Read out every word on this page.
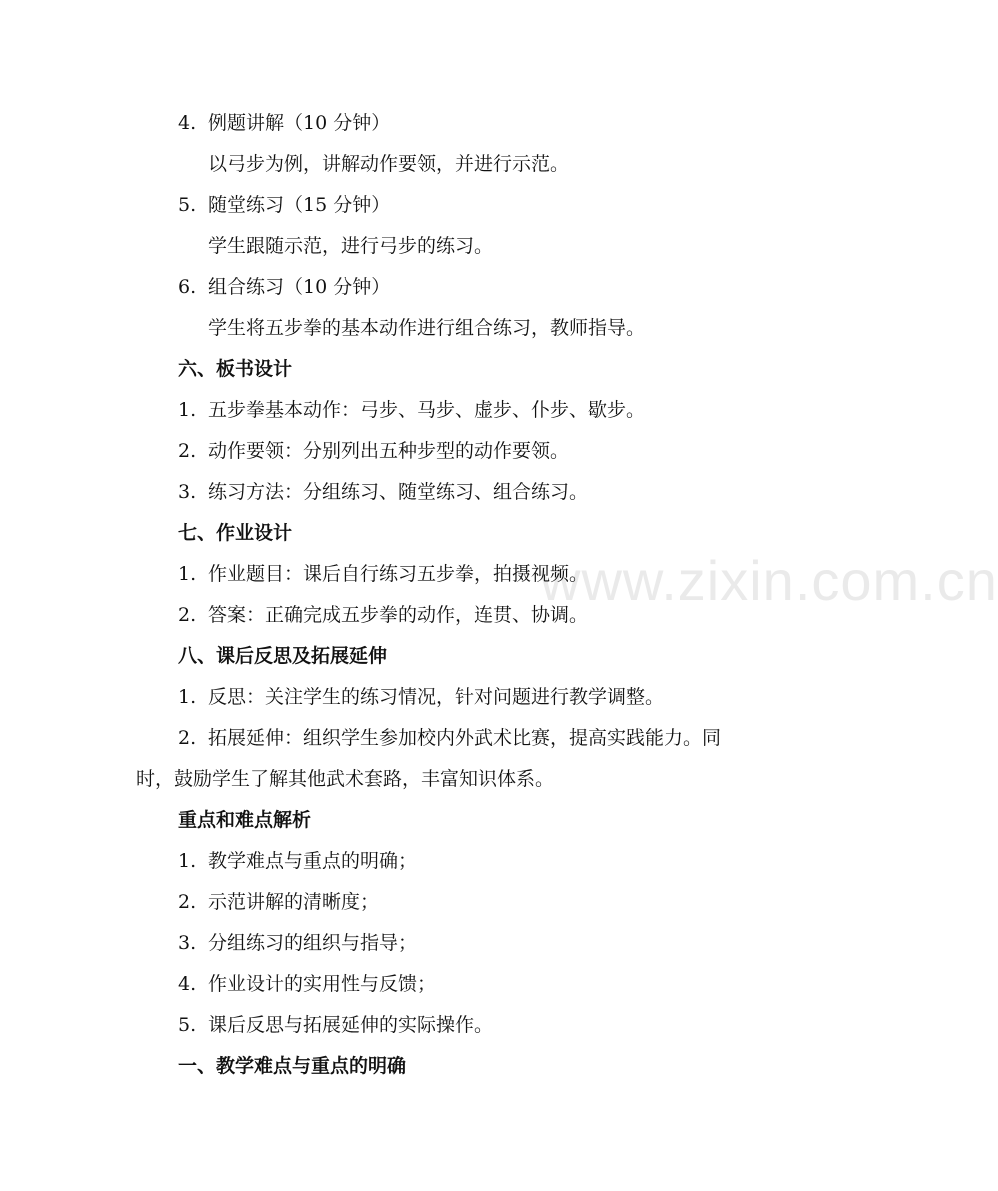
www.zixin.com.cn
4. 例题讲解（10 分钟）
以弓步为例，讲解动作要领，并进行示范。
5. 随堂练习（15 分钟）
学生跟随示范，进行弓步的练习。
6. 组合练习（10 分钟）
学生将五步拳的基本动作进行组合练习，教师指导。
六、板书设计
1. 五步拳基本动作：弓步、马步、虚步、仆步、歇步。
2. 动作要领：分别列出五种步型的动作要领。
3. 练习方法：分组练习、随堂练习、组合练习。
七、作业设计
1. 作业题目：课后自行练习五步拳，拍摄视频。
2. 答案：正确完成五步拳的动作，连贯、协调。
八、课后反思及拓展延伸
1. 反思：关注学生的练习情况，针对问题进行教学调整。
2. 拓展延伸：组织学生参加校内外武术比赛，提高实践能力。同
时，鼓励学生了解其他武术套路，丰富知识体系。
重点和难点解析
1. 教学难点与重点的明确；
2. 示范讲解的清晰度；
3. 分组练习的组织与指导；
4. 作业设计的实用性与反馈；
5. 课后反思与拓展延伸的实际操作。
一、教学难点与重点的明确
